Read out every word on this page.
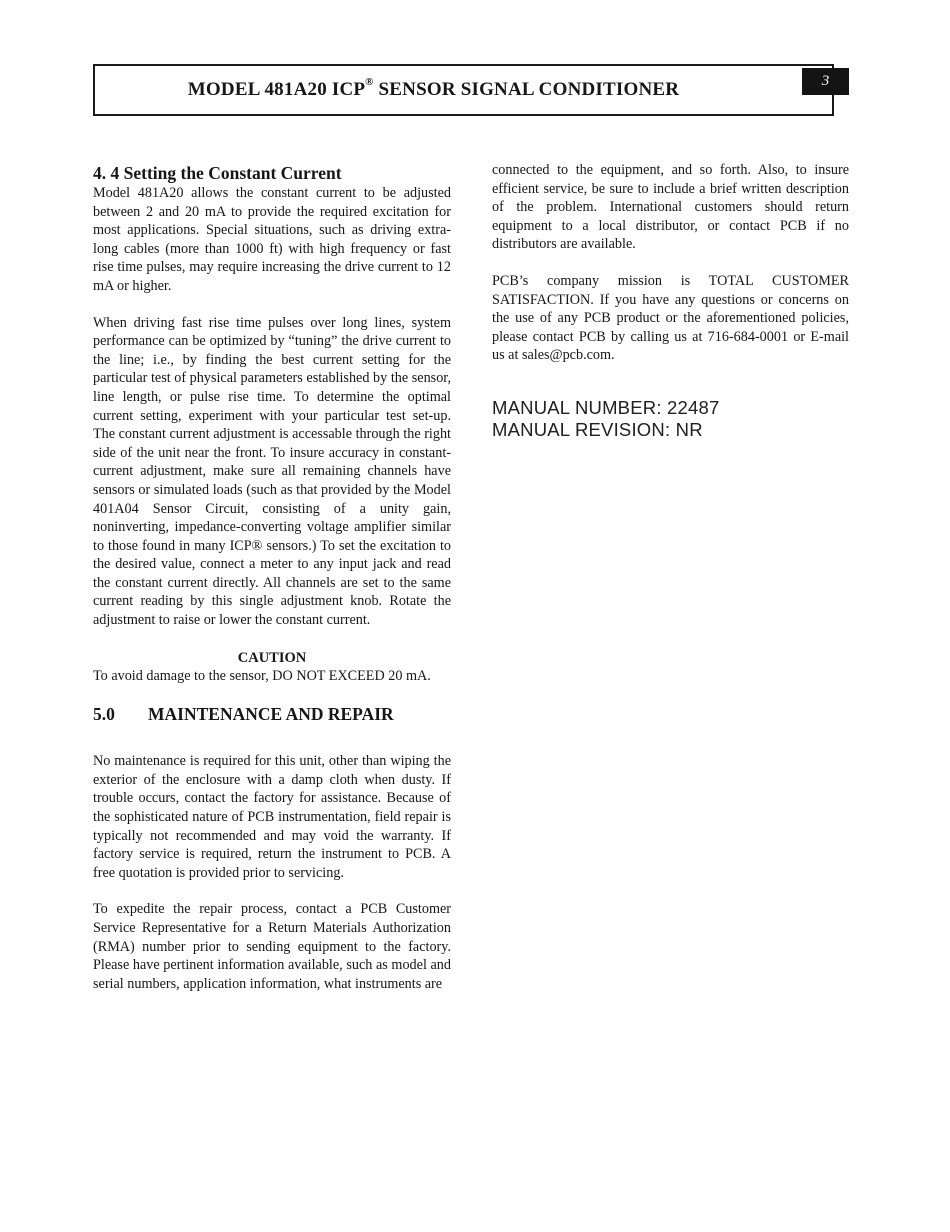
MODEL 481A20 ICP® SENSOR SIGNAL CONDITIONER	3
4. 4 Setting the Constant Current

Model 481A20 allows the constant current to be adjusted between 2 and 20 mA to provide the required excitation for most applications. Special situations, such as driving extra-long cables (more than 1000 ft) with high frequency or fast rise time pulses, may require increasing the drive current to 12 mA or higher.

When driving fast rise time pulses over long lines, system performance can be optimized by “tuning” the drive current to the line; i.e., by finding the best current setting for the particular test of physical parameters established by the sensor, line length, or pulse rise time. To determine the optimal current setting, experiment with your particular test set-up. The constant current adjustment is accessable through the right side of the unit near the front. To insure accuracy in constant-current adjustment, make sure all remaining channels have sensors or simulated loads (such as that provided by the Model 401A04 Sensor Circuit, consisting of a unity gain, noninverting, impedance-converting voltage amplifier similar to those found in many ICP® sensors.) To set the excitation to the desired value, connect a meter to any input jack and read the constant current directly. All channels are set to the same current reading by this single adjustment knob. Rotate the adjustment to raise or lower the constant current.

CAUTION

To avoid damage to the sensor, DO NOT EXCEED 20 mA.

5.0 MAINTENANCE AND REPAIR

No maintenance is required for this unit, other than wiping the exterior of the enclosure with a damp cloth when dusty. If trouble occurs, contact the factory for assistance. Because of the sophisticated nature of PCB instrumentation, field repair is typically not recommended and may void the warranty. If factory service is required, return the instrument to PCB. A free quotation is provided prior to servicing.

To expedite the repair process, contact a PCB Customer Service Representative for a Return Materials Authorization (RMA) number prior to sending equipment to the factory. Please have pertinent information available, such as model and serial numbers, application information, what instruments are

connected to the equipment, and so forth. Also, to insure efficient service, be sure to include a brief written description of the problem. International customers should return equipment to a local distributor, or contact PCB if no distributors are available.

PCB’s company mission is TOTAL CUSTOMER SATISFACTION. If you have any questions or concerns on the use of any PCB product or the aforementioned policies, please contact PCB by calling us at 716-684-0001 or E-mail us at sales@pcb.com.

MANUAL NUMBER: 22487
MANUAL REVISION: NR
